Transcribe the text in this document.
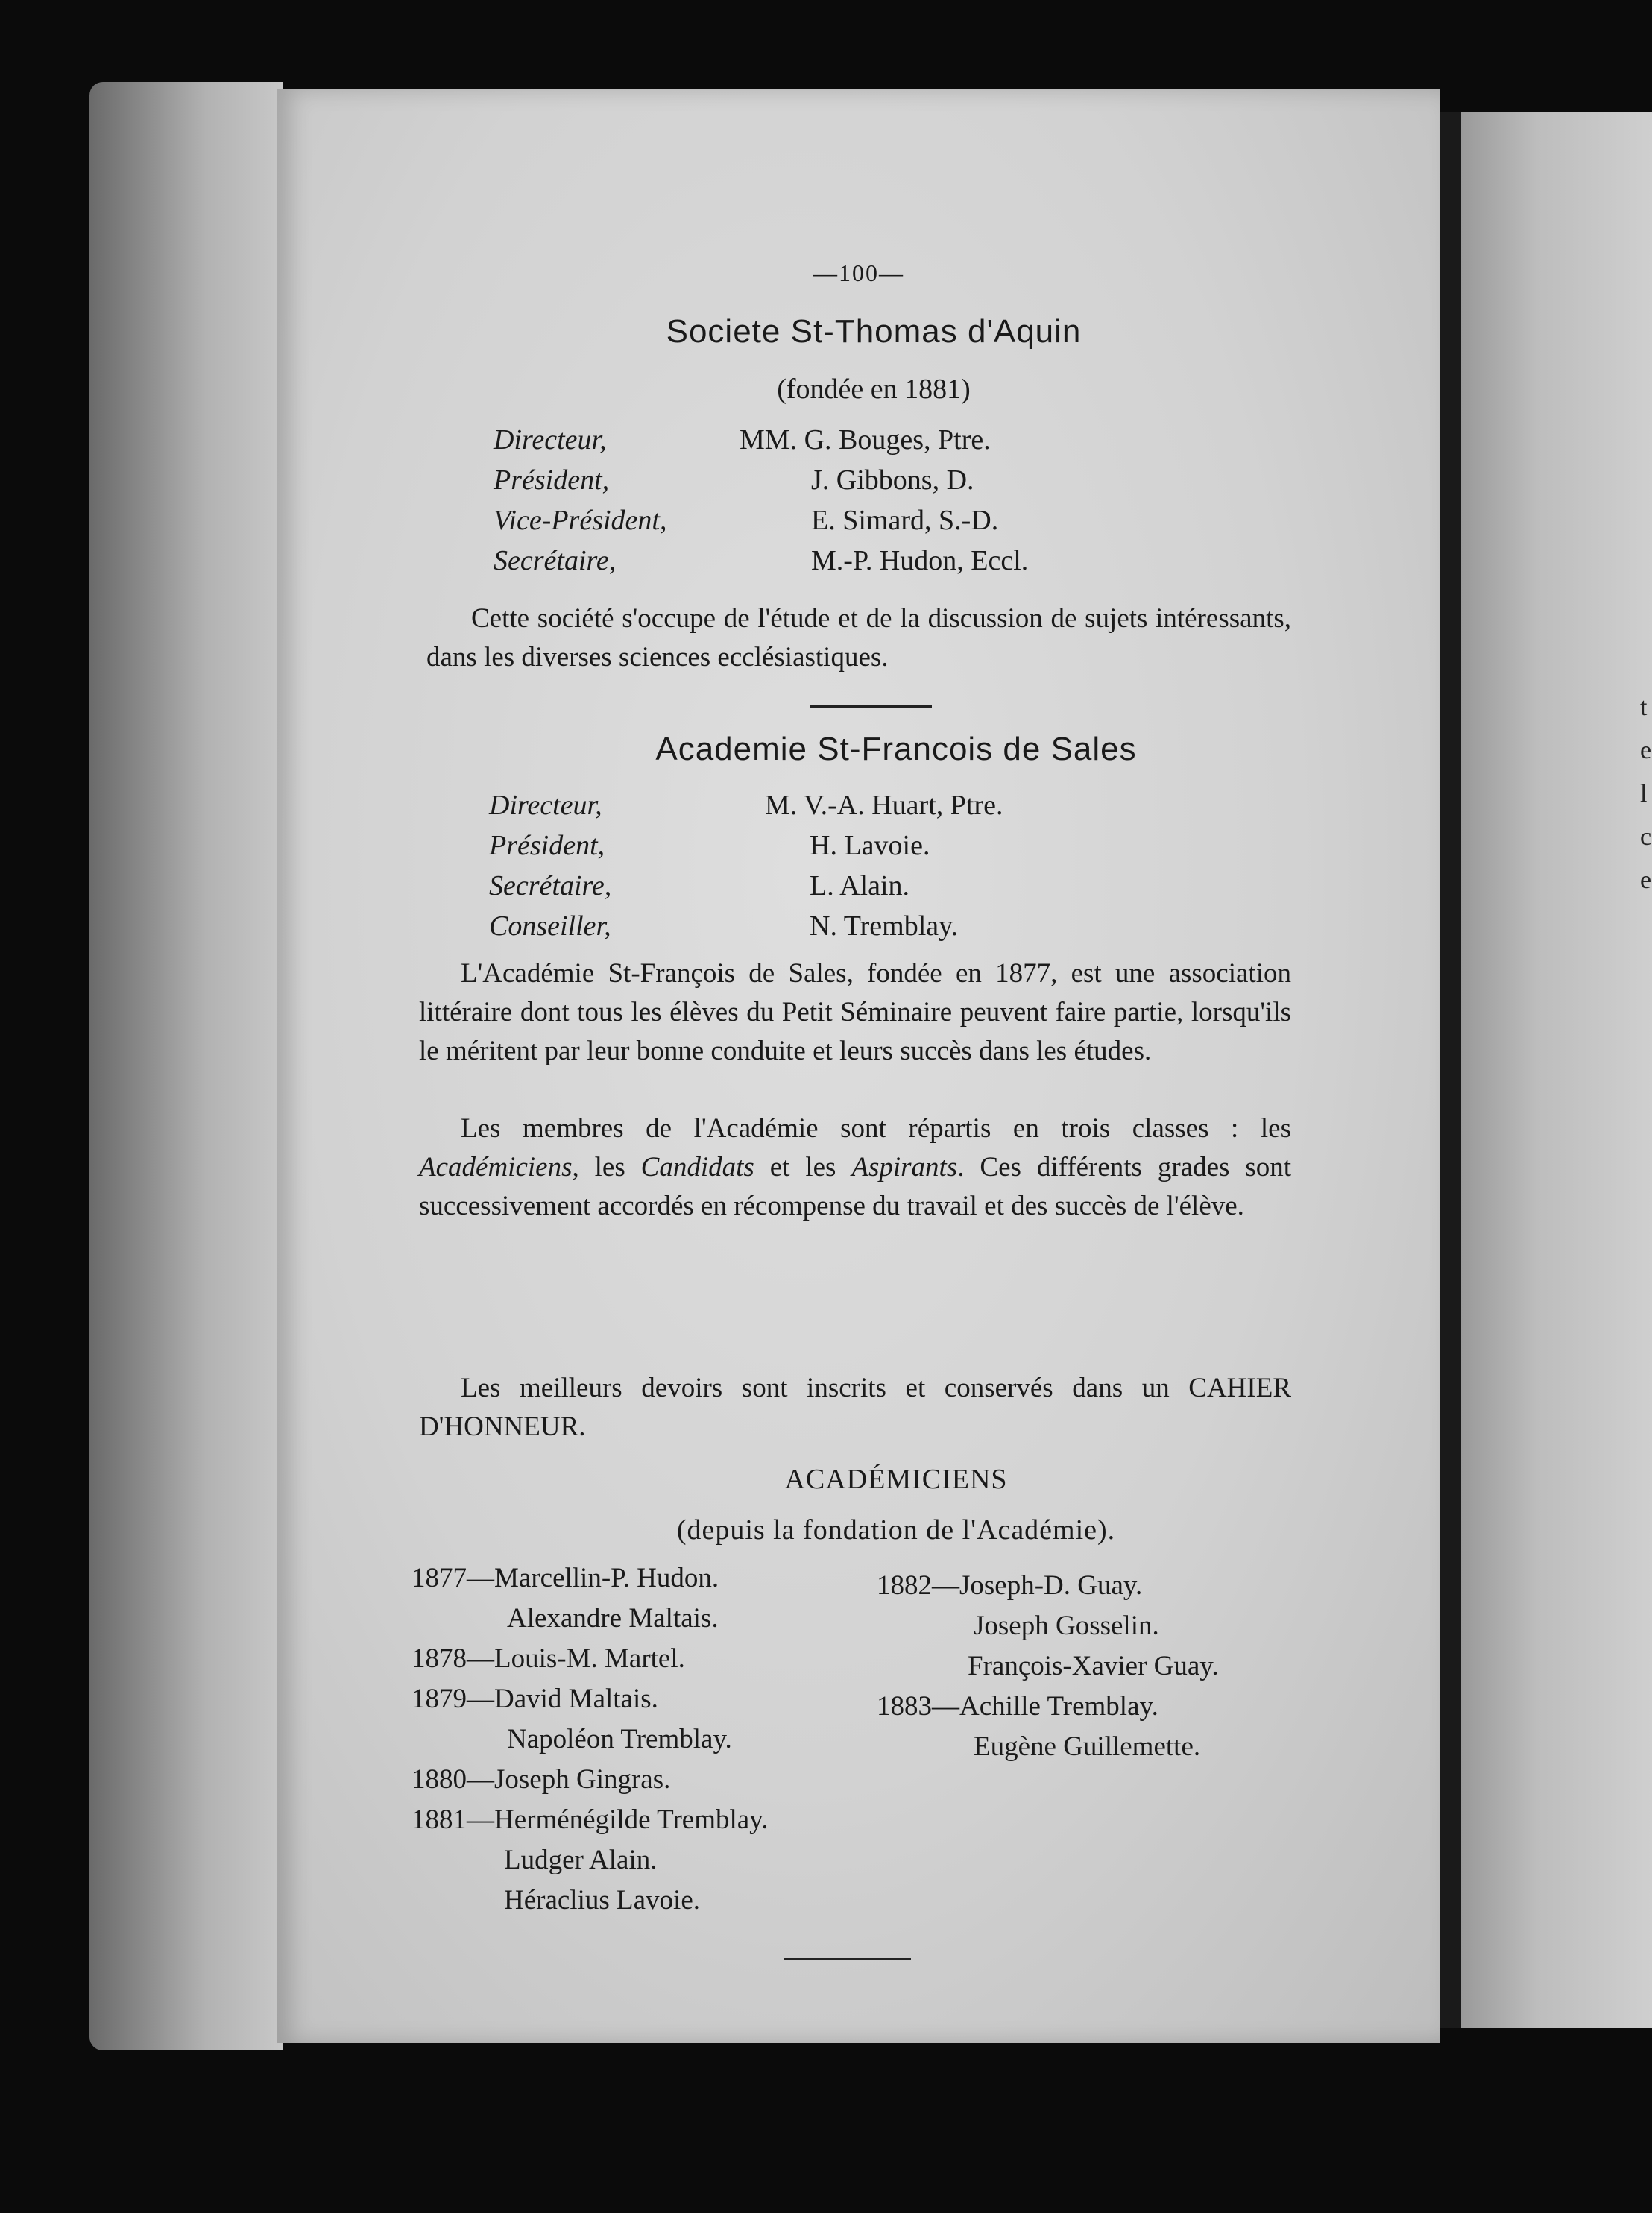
—100—
Societe St-Thomas d'Aquin
(fondée en 1881)
Directeur,	MM. G. Bouges, Ptre.
Président,	J. Gibbons, D.
Vice-Président,	E. Simard, S.-D.
Secrétaire,	M.-P. Hudon, Eccl.
Cette société s'occupe de l'étude et de la discussion de sujets intéressants, dans les diverses sciences ecclésiastiques.
Academie St-Francois de Sales
Directeur,	M. V.-A. Huart, Ptre.
Président,	H. Lavoie.
Secrétaire,	L. Alain.
Conseiller,	N. Tremblay.
L'Académie St-François de Sales, fondée en 1877, est une association littéraire dont tous les élèves du Petit Séminaire peuvent faire partie, lorsqu'ils le méritent par leur bonne conduite et leurs succès dans les études.
Les membres de l'Académie sont répartis en trois classes : les Académiciens, les Candidats et les Aspirants. Ces différents grades sont successivement accordés en récompense du travail et des succès de l'élève.
Les meilleurs devoirs sont inscrits et conservés dans un CAHIER D'HONNEUR.
ACADÉMICIENS
(depuis la fondation de l'Académie).
1877—Marcellin-P. Hudon.
Alexandre Maltais.
1878—Louis-M. Martel.
1879—David Maltais.
Napoléon Tremblay.
1880—Joseph Gingras.
1881—Herménégilde Tremblay.
Ludger Alain.
Héraclius Lavoie.
1882—Joseph-D. Guay.
Joseph Gosselin.
François-Xavier Guay.
1883—Achille Tremblay.
Eugène Guillemette.
t
e
l
c
e
